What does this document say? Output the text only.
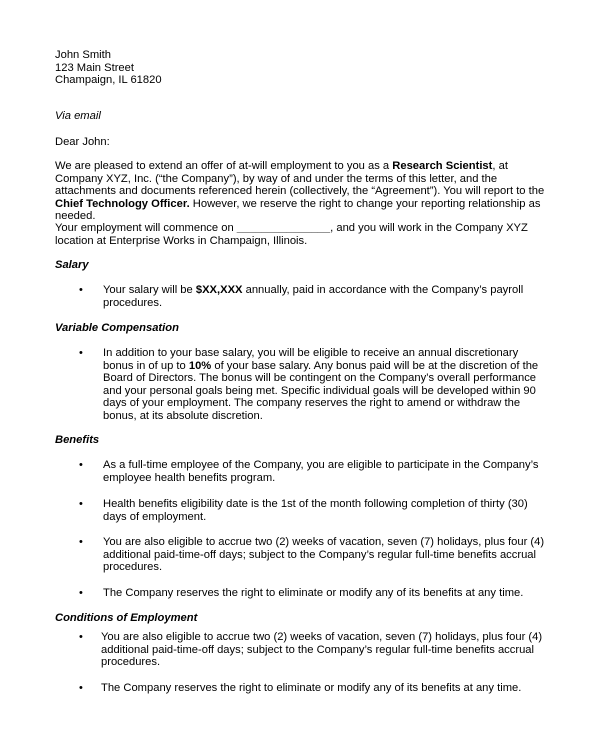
John Smith
123 Main Street
Champaign, IL 61820
Via email
Dear John:

We are pleased to extend an offer of at-will employment to you as a Research Scientist, at Company XYZ, Inc. (“the Company”), by way of and under the terms of this letter, and the attachments and documents referenced herein (collectively, the “Agreement”). You will report to the Chief Technology Officer. However, we reserve the right to change your reporting relationship as needed.

Your employment will commence on _______________, and you will work in the Company XYZ location at Enterprise Works in Champaign, Illinois.

Salary
• Your salary will be $XX,XXX annually, paid in accordance with the Company’s payroll procedures.

Variable Compensation
• In addition to your base salary, you will be eligible to receive an annual discretionary bonus in of up to 10% of your base salary. Any bonus paid will be at the discretion of the Board of Directors. The bonus will be contingent on the Company’s overall performance and your personal goals being met. Specific individual goals will be developed within 90 days of your employment. The company reserves the right to amend or withdraw the bonus, at its absolute discretion.

Benefits
• As a full-time employee of the Company, you are eligible to participate in the Company’s employee health benefits program.

• Health benefits eligibility date is the 1st of the month following completion of thirty (30) days of employment.

• You are also eligible to accrue two (2) weeks of vacation, seven (7) holidays, plus four (4) additional paid-time-off days; subject to the Company’s regular full-time benefits accrual procedures.

• The Company reserves the right to eliminate or modify any of its benefits at any time.

Conditions of Employment
• You are also eligible to accrue two (2) weeks of vacation, seven (7) holidays, plus four (4) additional paid-time-off days; subject to the Company’s regular full-time benefits accrual procedures.

• The Company reserves the right to eliminate or modify any of its benefits at any time.
